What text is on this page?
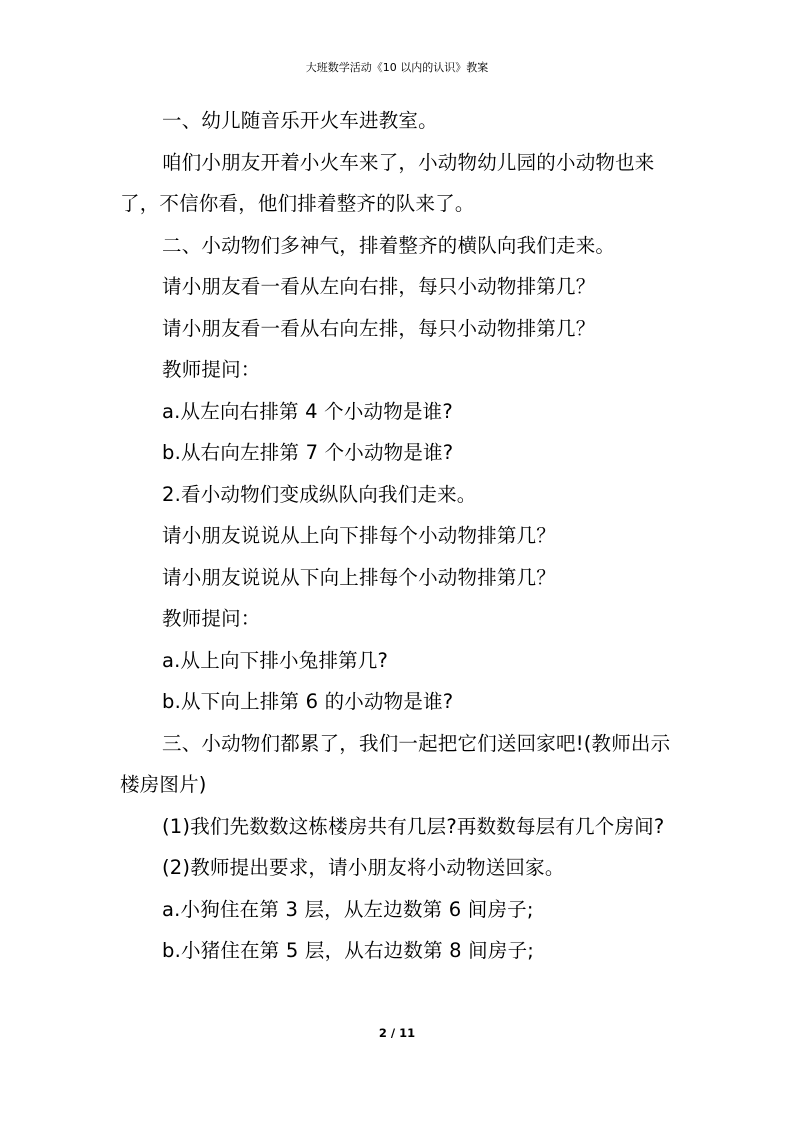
大班数学活动《10 以内的认识》教案

一、幼儿随音乐开火车进教室。

咱们小朋友开着小火车来了，小动物幼儿园的小动物也来了，不信你看，他们排着整齐的队来了。

二、小动物们多神气，排着整齐的横队向我们走来。

请小朋友看一看从左向右排，每只小动物排第几？

请小朋友看一看从右向左排，每只小动物排第几？

教师提问：

a.从左向右排第 4 个小动物是谁?

b.从右向左排第 7 个小动物是谁?

2.看小动物们变成纵队向我们走来。

请小朋友说说从上向下排每个小动物排第几？

请小朋友说说从下向上排每个小动物排第几？

教师提问：

a.从上向下排小兔排第几?

b.从下向上排第 6 的小动物是谁?

三、小动物们都累了，我们一起把它们送回家吧!(教师出示楼房图片)

(1)我们先数数这栋楼房共有几层?再数数每层有几个房间?

(2)教师提出要求，请小朋友将小动物送回家。

a.小狗住在第 3 层，从左边数第 6 间房子;

b.小猪住在第 5 层，从右边数第 8 间房子;

2 / 11
